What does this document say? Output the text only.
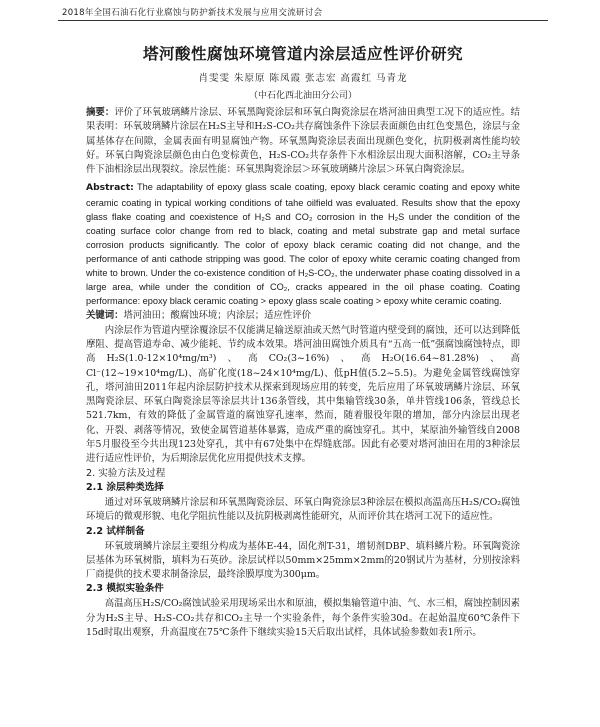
2018年全国石油石化行业腐蚀与防护新技术发展与应用交流研讨会
塔河酸性腐蚀环境管道内涂层适应性评价研究
肖雯雯 朱原原 陈凤霞 张志宏 高霞红 马青龙
（中石化西北油田分公司）

摘要：评价了环氧玻璃鳞片涂层、环氧黑陶瓷涂层和环氧白陶瓷涂层在塔河油田典型工况下的适应性。结果表明：环氧玻璃鳞片涂层在H₂S主导和H₂S-CO₂共存腐蚀条件下涂层表面颜色由红色变黑色，涂层与金属基体存在间隙，金属表面有明显腐蚀产物。环氧黑陶瓷涂层表面出现颜色变化，抗阴极剥离性能均较好。环氧白陶瓷涂层颜色由白色变棕黄色，H₂S-CO₂共存条件下水相涂层出现大面积溶解，CO₂主导条件下油相涂层出现裂纹。涂层性能：环氧黑陶瓷涂层＞环氧玻璃鳞片涂层＞环氧白陶瓷涂层。

Abstract: The adaptability of epoxy glass scale coating, epoxy black ceramic coating and epoxy white ceramic coating in typical working conditions of tahe oilfield was evaluated. Results show that the epoxy glass flake coating and coexistence of H₂S and CO₂ corrosion in the H₂S under the condition of the coating surface color change from red to black, coating and metal substrate gap and metal surface corrosion products significantly. The color of epoxy black ceramic coating did not change, and the performance of anti cathode stripping was good. The color of epoxy white ceramic coating changed from white to brown. Under the co-existence condition of H₂S-CO₂, the underwater phase coating dissolved in a large area, while under the condition of CO₂, cracks appeared in the oil phase coating. Coating performance: epoxy black ceramic coating > epoxy glass scale coating > epoxy white ceramic coating.

关键词：塔河油田；酸腐蚀环境；内涂层；适应性评价

内涂层作为管道内壁涂覆涂层不仅能满足输送原油或天然气时管道内壁受到的腐蚀，还可以达到降低摩阻、提高管道寿命、减少能耗、节约成本效果。塔河油田腐蚀介质具有“五高一低”强腐蚀腐蚀特点，即高H₂S(1.0-12×10⁴mg/m³)、高CO₂(3~16%)、高H₂O(16.64~81.28%)、高Cl⁻(12~19×10⁴mg/L)、高矿化度(18~24×10⁴mg/L)、低pH值(5.2~5.5)。为避免金属管线腐蚀穿孔，塔河油田2011年起内涂层防护技术从探索到现场应用的转变，先后应用了环氧玻璃鳞片涂层、环氧黑陶瓷涂层、环氧白陶瓷涂层等涂层共计136条管线，其中集输管线30条，单井管线106条，管线总长521.7km，有效的降低了金属管道的腐蚀穿孔速率，然而，随着服役年限的增加，部分内涂层出现老化、开裂、剥落等情况，致使金属管道基体暴露，造成严重的腐蚀穿孔。其中，某原油外输管线自2008年5月服役至今共出现123处穿孔，其中有67处集中在焊缝底部。因此有必要对塔河油田在用的3种涂层进行适应性评价，为后期涂层优化应用提供技术支撑。

2. 实验方法及过程
2.1 涂层种类选择

通过对环氧玻璃鳞片涂层和环氧黑陶瓷涂层、环氧白陶瓷涂层3种涂层在模拟高温高压H₂S/CO₂腐蚀环境后的微观形貌、电化学阻抗性能以及抗阴极剥离性能研究，从而评价其在塔河工况下的适应性。

2.2 试样制备

环氧玻璃鳞片涂层主要组分构成为基体E-44，固化剂T-31，增韧剂DBP、填料鳞片粉。环氧陶瓷涂层基体为环氧树脂，填料为石英砂。涂层试样以50mm×25mm×2mm的20钢试片为基材，分别按涂料厂商提供的技术要求制备涂层，最终涂膜厚度为300μm。

2.3 模拟实验条件

高温高压H₂S/CO₂腐蚀试验采用现场采出水和原油，模拟集输管道中油、气、水三相，腐蚀控制因素分为H₂S主导、H₂S-CO₂共存和CO₂主导一个实验条件，每个条件实验30d。在起始温度60℃条件下15d时取出观察，升高温度在75℃条件下继续实验15天后取出试样，具体试验参数如表1所示。
